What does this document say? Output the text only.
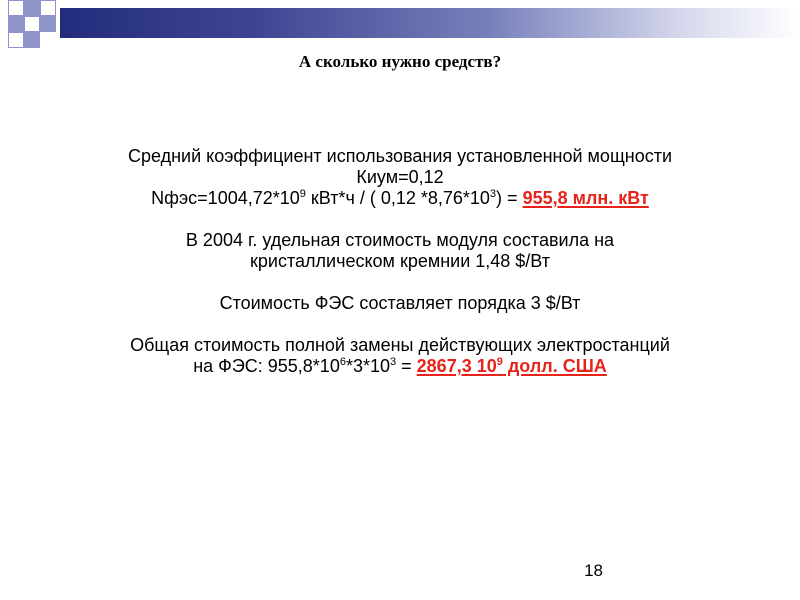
А сколько нужно средств?
Средний коэффициент использования установленной мощности
Киум=0,12
$Nфэс=1004,72*10^9$ кВт*ч / ( 0,12 $*8,76*10^3) = 955,8$ млн. кВт
В 2004 г. удельная стоимость модуля составила на
кристаллическом кремнии 1,48 $/Вт
Стоимость ФЭС составляет порядка 3 $/Вт
Общая стоимость полной замены действующих электростанций
на ФЭС: $955,8*10^6*3*10^3 = 2867,3$ $10^9$ долл. США
18
